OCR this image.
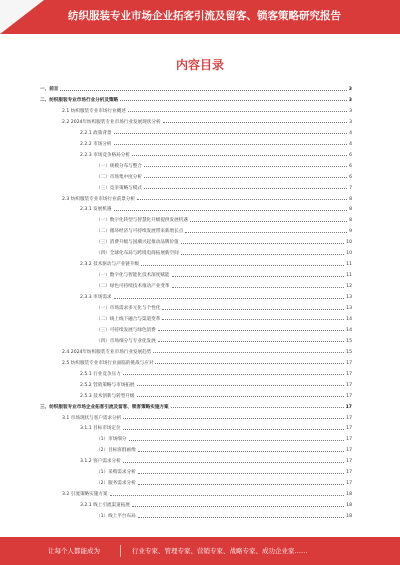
纺织服装专业市场企业拓客引流及留客、锁客策略研究报告
内容目录
一、前言	3
二、纺织服装专业市场行业分析及策略	3
2.1 纺织服装专业市场行业概述	3
2.2 2024年纺织服装专业市场行业发展现状分析	3
2.2.1 政策背景	4
2.2.2 市场分析	4
2.2.3 市场竞争格局分析	6
（一）规模分布与整合	6
（二）市场集中度分析	6
（三）竞争策略与模式	7
2.3 纺织服装专业市场行业前景分析	8
2.3.1 发展机遇	8
（一）数字化转型与智慧化升级提供发展机遇	8
（二）循环经济与可持续发展带来新增长点	9
（三）消费升级与国潮兴起推动品牌价值	10
（四）全球化布局与跨境电商拓展新空间	10
2.3.2 技术驱动与产业链升级	11
（一）数字化与智能化技术深度赋能	11
（二）绿色可持续技术推动产业变革	12
2.3.3 市场需求	13
（一）市场需求多元化与个性化	13
（二）线上线下融合与渠道变革	14
（三）可持续发展与绿色消费	14
（四）市场细分与专业化发展	15
2.4 2024年纺织服装专业市场行业发展趋势	15
2.5 纺织服装专业市场行业面临的挑战与应对	17
2.5.1 行业竞争压力	17
2.5.2 营销策略与市场拓展	17
2.5.3 技术创新与转型升级	17
三、纺织服装专业市场企业拓客引流及留客、锁客策略实施方案	17
3.1 市场现状与客户需求分析	17
3.1.1 目标市场定位	17
（1）市场细分	17
（2）目标客群画像	17
3.1.2 客户需求分析	17
（1）采购需求分析	17
（2）服务需求分析	17
3.2 引流策略实施方案	18
3.2.1 线上引流渠道拓展	18
（1）线上平台布局	18
让每个人都能成为	行业专家、管理专家、营销专家、战略专家、成功企业家……
